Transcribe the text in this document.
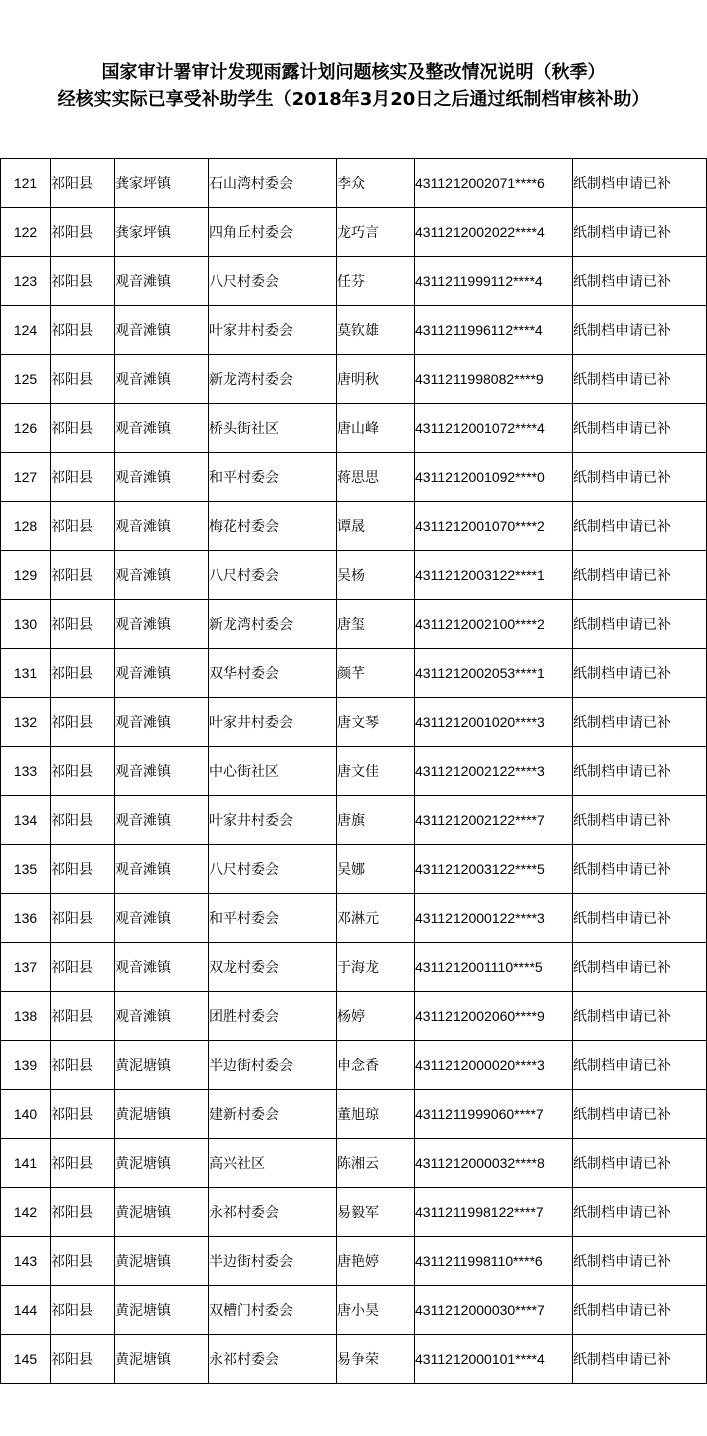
国家审计署审计发现雨露计划问题核实及整改情况说明（秋季）
经核实实际已享受补助学生（2018年3月20日之后通过纸制档审核补助）
121	祁阳县	龚家坪镇	石山湾村委会	李众	4311212002071****6	纸制档申请已补
122	祁阳县	龚家坪镇	四角丘村委会	龙巧言	4311212002022****4	纸制档申请已补
123	祁阳县	观音滩镇	八尺村委会	任芬	4311211999112****4	纸制档申请已补
124	祁阳县	观音滩镇	叶家井村委会	莫钦雄	4311211996112****4	纸制档申请已补
125	祁阳县	观音滩镇	新龙湾村委会	唐明秋	4311211998082****9	纸制档申请已补
126	祁阳县	观音滩镇	桥头街社区	唐山峰	4311212001072****4	纸制档申请已补
127	祁阳县	观音滩镇	和平村委会	蒋思思	4311212001092****0	纸制档申请已补
128	祁阳县	观音滩镇	梅花村委会	谭晟	4311212001070****2	纸制档申请已补
129	祁阳县	观音滩镇	八尺村委会	吴杨	4311212003122****1	纸制档申请已补
130	祁阳县	观音滩镇	新龙湾村委会	唐玺	4311212002100****2	纸制档申请已补
131	祁阳县	观音滩镇	双华村委会	颜芊	4311212002053****1	纸制档申请已补
132	祁阳县	观音滩镇	叶家井村委会	唐文琴	4311212001020****3	纸制档申请已补
133	祁阳县	观音滩镇	中心街社区	唐文佳	4311212002122****3	纸制档申请已补
134	祁阳县	观音滩镇	叶家井村委会	唐旗	4311212002122****7	纸制档申请已补
135	祁阳县	观音滩镇	八尺村委会	吴娜	4311212003122****5	纸制档申请已补
136	祁阳县	观音滩镇	和平村委会	邓淋元	4311212000122****3	纸制档申请已补
137	祁阳县	观音滩镇	双龙村委会	于海龙	4311212001110****5	纸制档申请已补
138	祁阳县	观音滩镇	团胜村委会	杨婷	4311212002060****9	纸制档申请已补
139	祁阳县	黄泥塘镇	半边街村委会	申念香	4311212000020****3	纸制档申请已补
140	祁阳县	黄泥塘镇	建新村委会	董旭琼	4311211999060****7	纸制档申请已补
141	祁阳县	黄泥塘镇	高兴社区	陈湘云	4311212000032****8	纸制档申请已补
142	祁阳县	黄泥塘镇	永祁村委会	易毅军	4311211998122****7	纸制档申请已补
143	祁阳县	黄泥塘镇	半边街村委会	唐艳婷	4311211998110****6	纸制档申请已补
144	祁阳县	黄泥塘镇	双槽门村委会	唐小昊	4311212000030****7	纸制档申请已补
145	祁阳县	黄泥塘镇	永祁村委会	易争荣	4311212000101****4	纸制档申请已补
